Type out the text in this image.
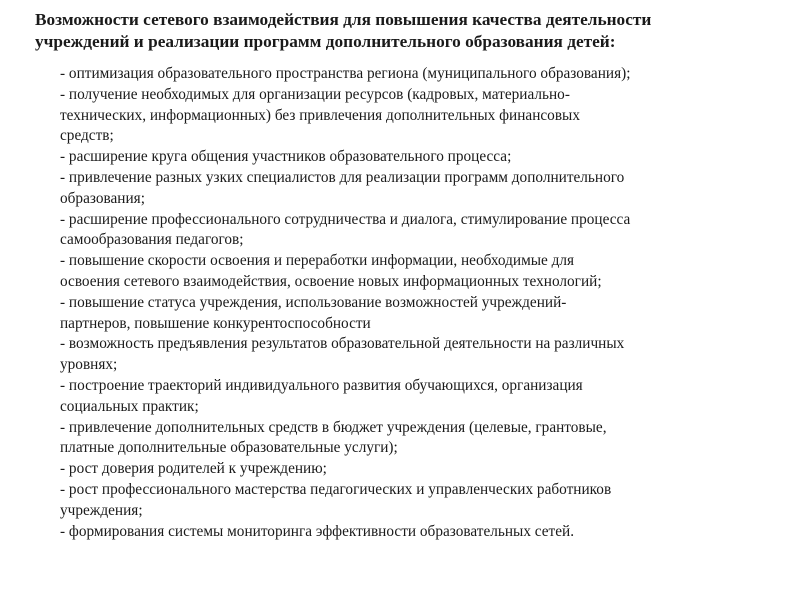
Возможности сетевого взаимодействия для повышения качества деятельности
учреждений и реализации программ дополнительного образования детей:
- оптимизация образовательного пространства региона (муниципального образования);
- получение необходимых для организации ресурсов (кадровых, материально-
технических, информационных) без привлечения дополнительных финансовых
средств;
- расширение круга общения участников образовательного процесса;
- привлечение разных узких специалистов для реализации программ дополнительного
образования;
- расширение профессионального сотрудничества и диалога, стимулирование процесса
самообразования педагогов;
- повышение скорости освоения и переработки информации, необходимые для
освоения сетевого взаимодействия, освоение новых информационных технологий;
- повышение статуса учреждения, использование возможностей учреждений-
партнеров, повышение конкурентоспособности
- возможность предъявления результатов образовательной деятельности на различных
уровнях;
- построение траекторий индивидуального развития обучающихся, организация
социальных практик;
- привлечение дополнительных средств в бюджет учреждения (целевые, грантовые,
платные дополнительные образовательные услуги);
- рост доверия родителей к учреждению;
- рост профессионального мастерства педагогических и управленческих работников
учреждения;
- формирования системы мониторинга эффективности образовательных сетей.
